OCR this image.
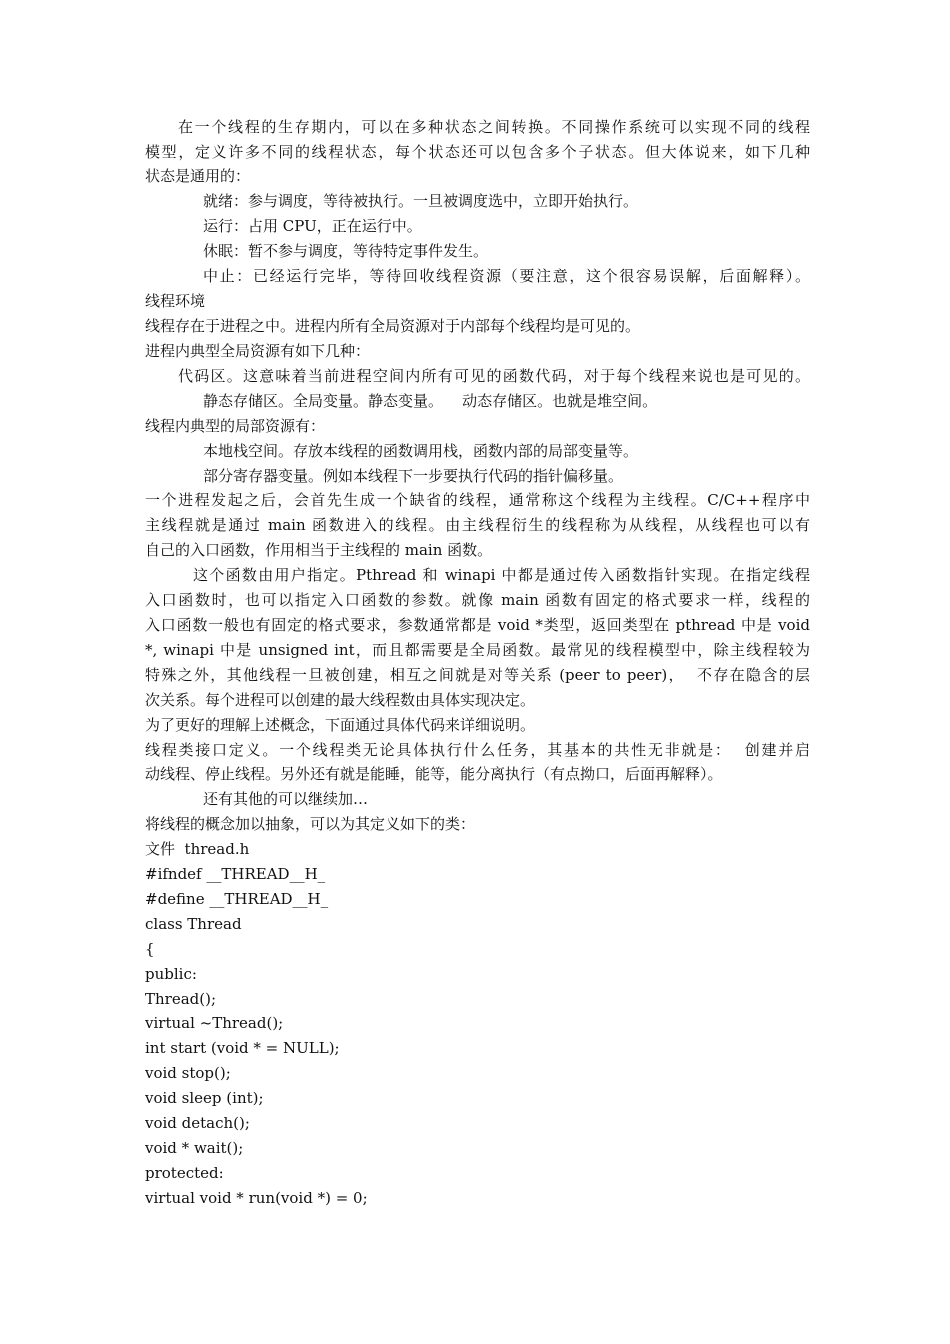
在一个线程的生存期内，可以在多种状态之间转换。不同操作系统可以实现不同的线程
模型，定义许多不同的线程状态，每个状态还可以包含多个子状态。但大体说来，如下几种
状态是通用的：
就绪：参与调度，等待被执行。一旦被调度选中，立即开始执行。
运行：占用 CPU，正在运行中。
休眠：暂不参与调度，等待特定事件发生。
中止：已经运行完毕，等待回收线程资源（要注意，这个很容易误解，后面解释）。
线程环境
线程存在于进程之中。进程内所有全局资源对于内部每个线程均是可见的。
进程内典型全局资源有如下几种：
代码区。这意味着当前进程空间内所有可见的函数代码，对于每个线程来说也是可见的。
静态存储区。全局变量。静态变量。    动态存储区。也就是堆空间。
线程内典型的局部资源有：
本地栈空间。存放本线程的函数调用栈，函数内部的局部变量等。
部分寄存器变量。例如本线程下一步要执行代码的指针偏移量。
一个进程发起之后，会首先生成一个缺省的线程，通常称这个线程为主线程。C/C++程序中
主线程就是通过 main 函数进入的线程。由主线程衍生的线程称为从线程，从线程也可以有
自己的入口函数，作用相当于主线程的 main 函数。
这个函数由用户指定。Pthread 和 winapi 中都是通过传入函数指针实现。在指定线程
入口函数时，也可以指定入口函数的参数。就像 main 函数有固定的格式要求一样，线程的
入口函数一般也有固定的格式要求，参数通常都是 void *类型，返回类型在 pthread 中是 void
*, winapi 中是 unsigned int，而且都需要是全局函数。最常见的线程模型中，除主线程较为
特殊之外，其他线程一旦被创建，相互之间就是对等关系 (peer to peer)，  不存在隐含的层
次关系。每个进程可以创建的最大线程数由具体实现决定。
为了更好的理解上述概念，下面通过具体代码来详细说明。
线程类接口定义。一个线程类无论具体执行什么任务，其基本的共性无非就是：  创建并启
动线程、停止线程。另外还有就是能睡，能等，能分离执行（有点拗口，后面再解释）。
还有其他的可以继续加…
将线程的概念加以抽象，可以为其定义如下的类：
文件  thread.h
#ifndef __THREAD__H_
#define __THREAD__H_
class Thread
{
public:
Thread();
virtual ~Thread();
int start (void * = NULL);
void stop();
void sleep (int);
void detach();
void * wait();
protected:
virtual void * run(void *) = 0;
